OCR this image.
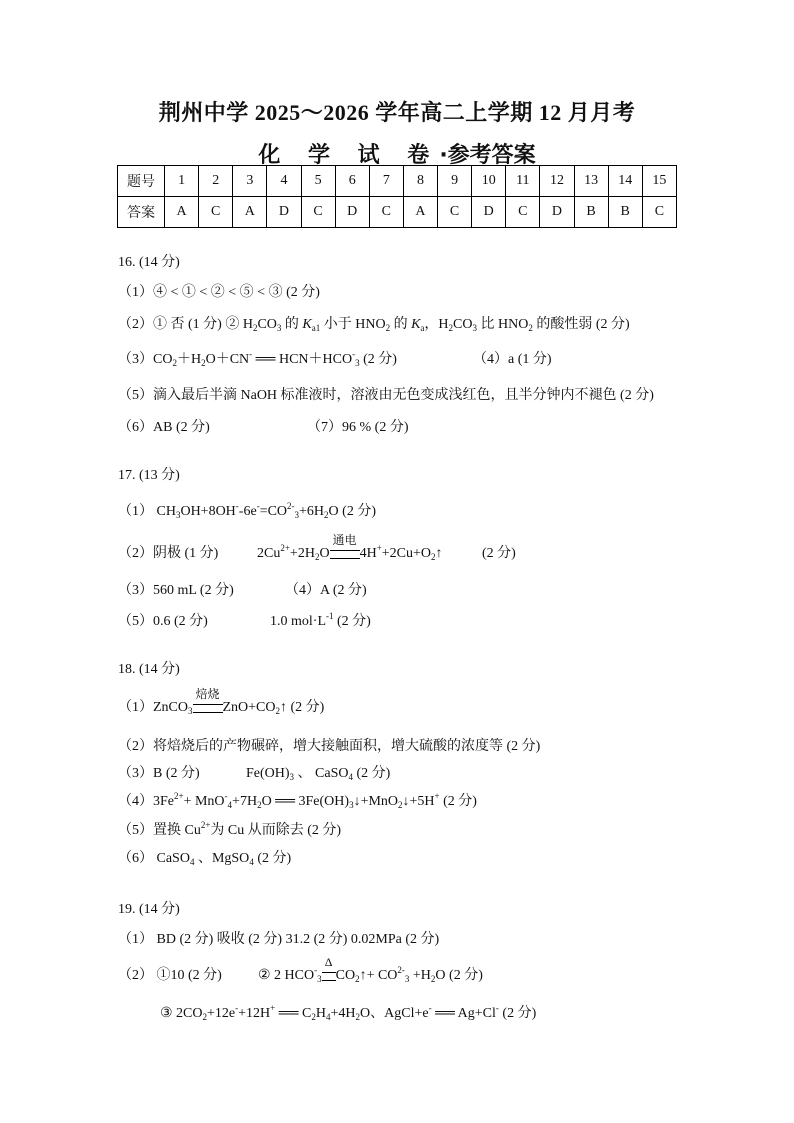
荆州中学 2025～2026 学年高二上学期 12 月月考
化 学 试 卷·参考答案
题号	1	2	3	4	5	6	7	8	9	10	11	12	13	14	15
答案	A	C	A	D	C	D	C	A	C	D	C	D	B	B	C
16. (14 分)
（1）④ < ① < ② < ⑤ < ③ (2 分)
（2）① 否 (1 分) ② $H_2CO_3$ 的 $K_{a1}$ 小于 $HNO_2$ 的 $K_a$，$H_2CO_3$ 比 $HNO_2$ 的酸性弱 (2 分)
$(3)CO_2+H_2O+CN^-$ ══ $HCN+HCO^-_3$ (2 分)	（4）a (1 分)
（5）滴入最后半滴 NaOH 标准液时，溶液由无色变成浅红色，且半分钟内不褪色 (2 分)
（6）AB (2 分)	（7）96 % (2 分)
17. (13 分)
（1） $CH_3OH+8OH^--6e^-=CO^{2-}_3+6H_2O$ (2 分)
（2）阴极 (1 分)	$2Cu^{2+}+2H_2O$
通电
$4H^++2Cu+O_2↑$	(2 分)
（3）560 mL (2 分)	（4）A (2 分)
（5）0.6 (2 分)	1.0 $mol\cdot L^{-1}$ (2 分)
18. (14 分)
（1）ZnCO$_3$
焙烧
$ZnO+CO_2↑$ (2 分)
（2）将焙烧后的产物碾碎，增大接触面积，增大硫酸的浓度等 (2 分)
（3）B (2 分)	$Fe(OH)_3$ 、 CaSO$_4$ (2 分)
$(4)3Fe^{2+}+ MnO^-_4+7H_2O$ ══ $3Fe(OH)_3↓+MnO_2↓+5H^+$ (2 分)
（5）置换 $Cu^{2+}$为 Cu 从而除去 (2 分)
（6） CaSO$_4$ 、MgSO$_4$ (2 分)
19. (14 分)
（1） BD (2 分) 吸收 (2 分) 31.2 (2 分) 0.02MPa (2 分)
（2） ①10 (2 分)	② 2 $HCO^-_3$
Δ
$CO_2↑+ CO^{2-}_3 +H_2O$ (2 分)
③ $2CO_2+12e^-+12H^+$ ══ $C_2H_4+4H_2O$、AgCl+e- ══ Ag+Cl- (2 分)
